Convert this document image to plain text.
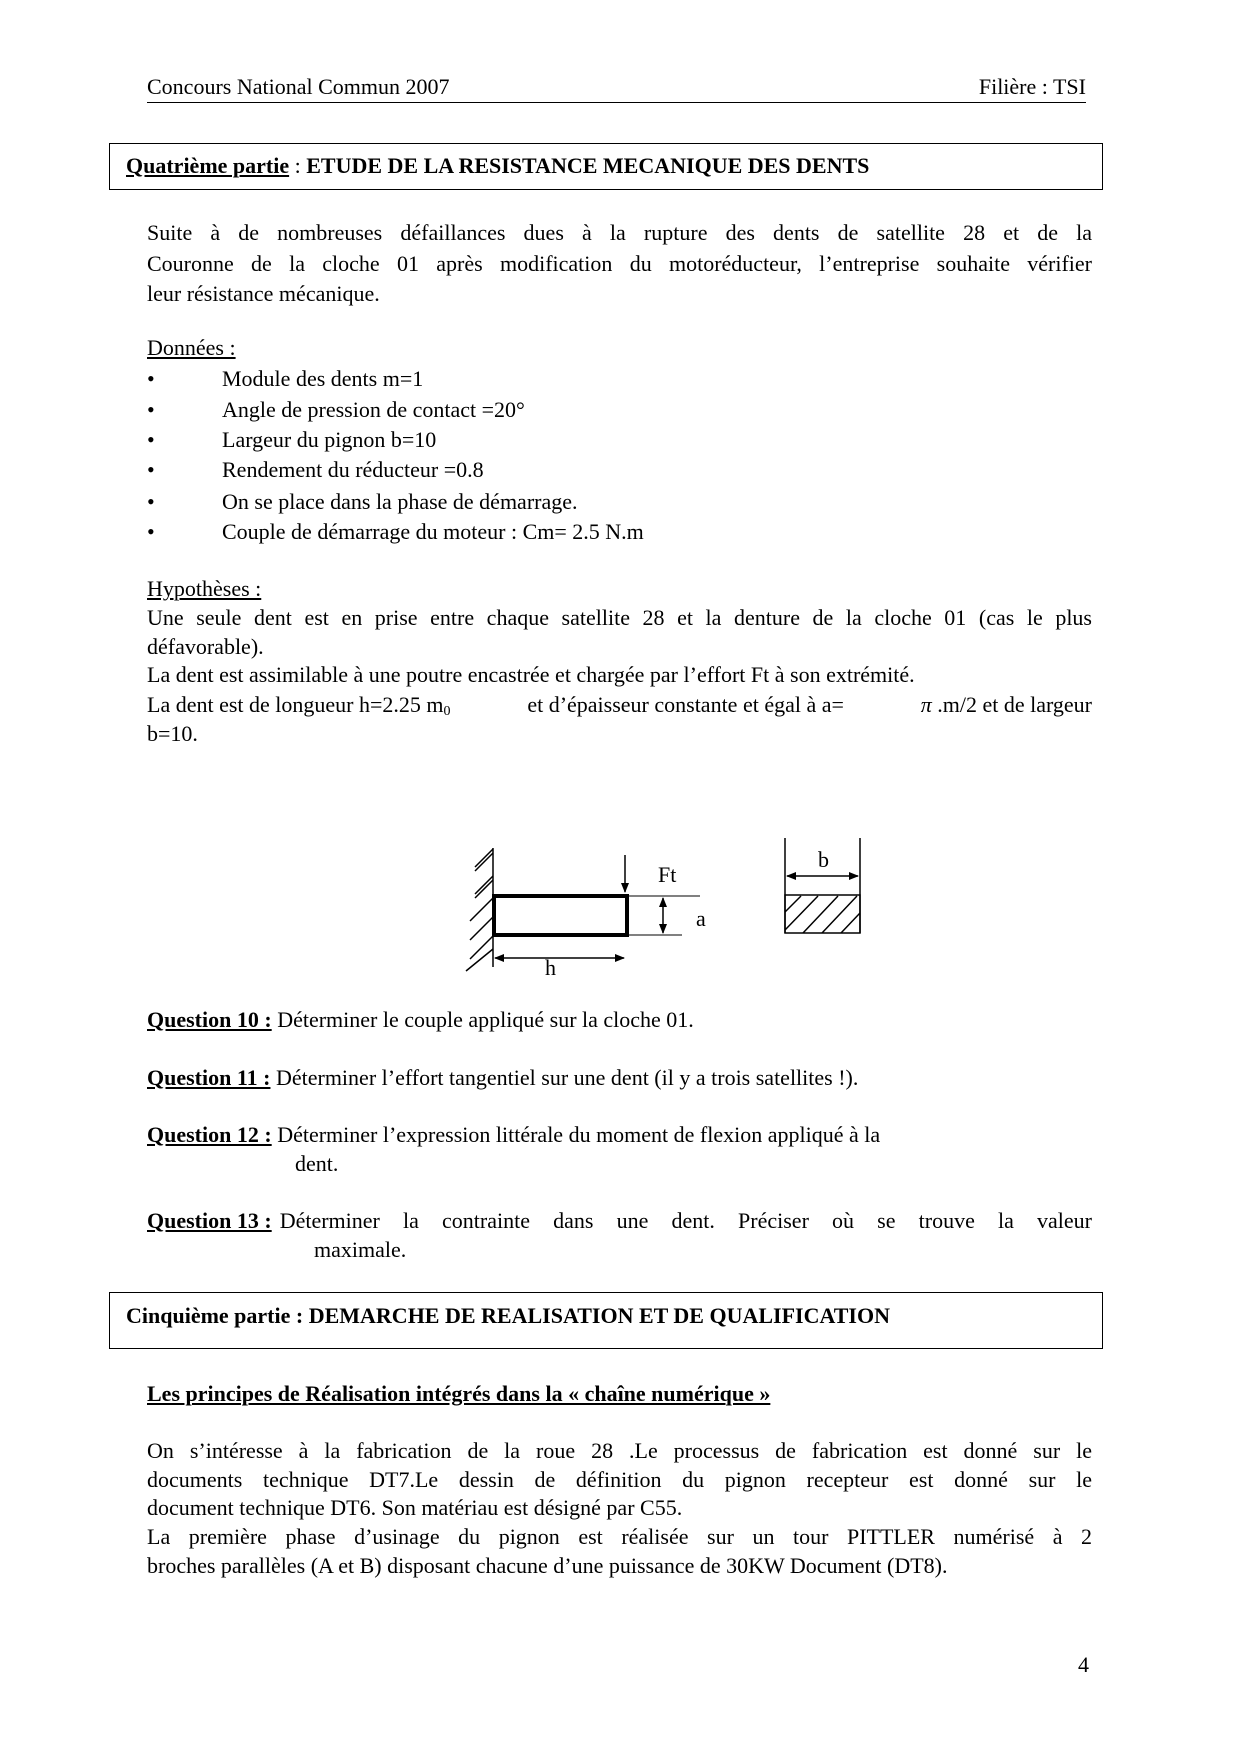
Concours National Commun 2007	Filière : TSI
Quatrième partie : ETUDE DE LA RESISTANCE MECANIQUE DES DENTS
Suite à de nombreuses défaillances dues à la rupture des dents de satellite 28 et de la
Couronne de la cloche 01 après modification du motoréducteur, l’entreprise souhaite vérifier
leur résistance mécanique.
Données :
•	Module des dents m=1
•	Angle de pression de contact =20°
•	Largeur du pignon b=10
•	Rendement du réducteur =0.8
•	On se place dans la phase de démarrage.
•	Couple de démarrage du moteur : Cm= 2.5 N.m
Hypothèses :
Une seule dent est en prise entre chaque satellite 28 et la denture de la cloche 01 (cas le plus
défavorable).
La dent est assimilable à une poutre encastrée et chargée par l’effort Ft à son extrémité.
La dent est de longueur h=2.25 $m_0$	et d’épaisseur constante et égal à a=	π .m/2 et de largeur
b=10.
Ft
a
h
b
Question 10 : Déterminer le couple appliqué sur la cloche 01.
Question 11 : Déterminer l’effort tangentiel sur une dent (il y a trois satellites !).
Question 12 : Déterminer l’expression littérale du moment de flexion appliqué à la
dent.
Question 13 : Déterminer la contrainte dans une dent. Préciser où se trouve la valeur
maximale.
Cinquième partie : DEMARCHE DE REALISATION ET DE QUALIFICATION
Les principes de Réalisation intégrés dans la « chaîne numérique »
On s’intéresse à la fabrication de la roue 28 .Le processus de fabrication est donné sur le
documents technique DT7.Le dessin de définition du pignon recepteur est donné sur le
document technique DT6. Son matériau est désigné par C55.
La première phase d’usinage du pignon est réalisée sur un tour PITTLER numérisé à 2
broches parallèles (A et B) disposant chacune d’une puissance de 30KW Document (DT8).
4
